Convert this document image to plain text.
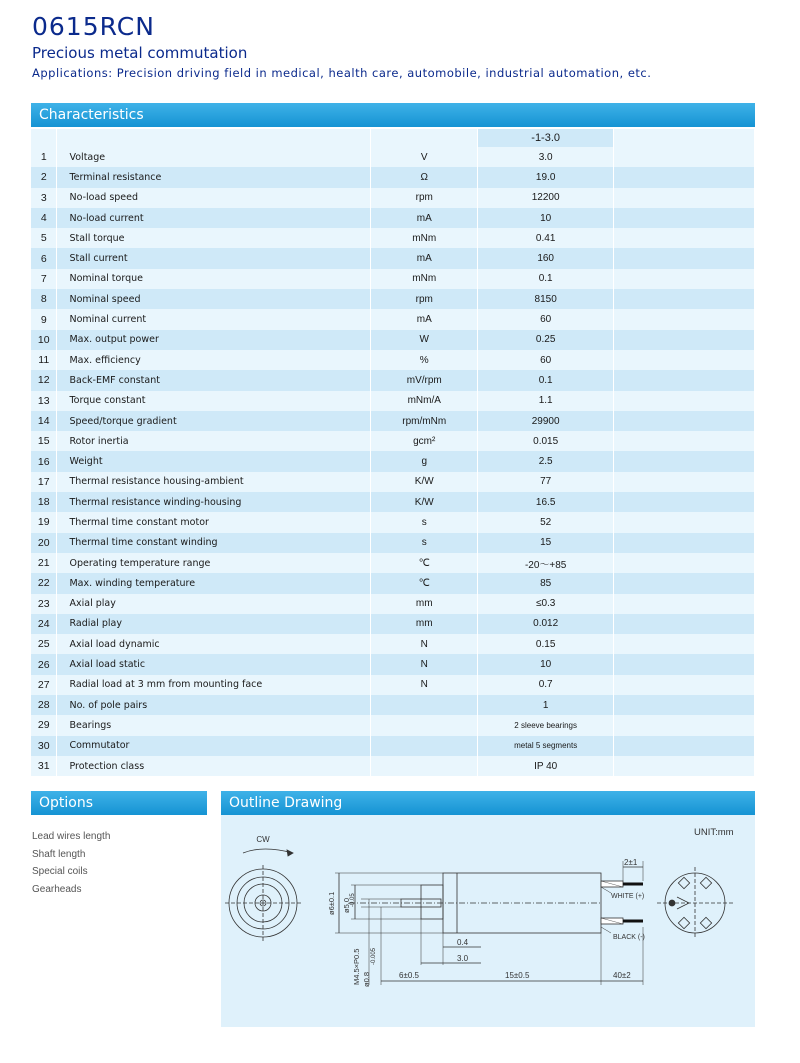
0615RCN
Precious metal commutation
Applications: Precision driving field in medical, health care, automobile, industrial automation, etc.
Characteristics
			-1-3.0	
1	Voltage	V	3.0	
2	Terminal resistance	Ω	19.0	
3	No-load speed	rpm	12200	
4	No-load current	mA	10	
5	Stall torque	mNm	0.41	
6	Stall current	mA	160	
7	Nominal torque	mNm	0.1	
8	Nominal speed	rpm	8150	
9	Nominal current	mA	60	
10	Max. output power	W	0.25	
11	Max. efficiency	%	60	
12	Back-EMF constant	mV/rpm	0.1	
13	Torque constant	mNm/A	1.1	
14	Speed/torque gradient	rpm/mNm	29900	
15	Rotor inertia	gcm²	0.015	
16	Weight	g	2.5	
17	Thermal resistance housing-ambient	K/W	77	
18	Thermal resistance winding-housing	K/W	16.5	
19	Thermal time constant motor	s	52	
20	Thermal time constant winding	s	15	
21	Operating temperature range	℃	-20～+85	
22	Max. winding temperature	℃	85	
23	Axial play	mm	≤0.3	
24	Radial play	mm	0.012	
25	Axial load dynamic	N	0.15	
26	Axial load static	N	10	
27	Radial load at 3 mm from mounting face	N	0.7	
28	No. of pole pairs		1	
29	Bearings		2 sleeve bearings	
30	Commutator		metal 5 segments	
31	Protection class		IP 40	
Options
Lead wires length
Shaft length
Special coils
Gearheads
Outline Drawing
UNIT:mm
CW
WHITE (+)
BLACK (-)
2±1
ø6±0.1 ø5.0 -0.05
M4.5×P0.5 ø0.8
-0.005
0.4
3.0
6±0.5	15±0.5	40±2
